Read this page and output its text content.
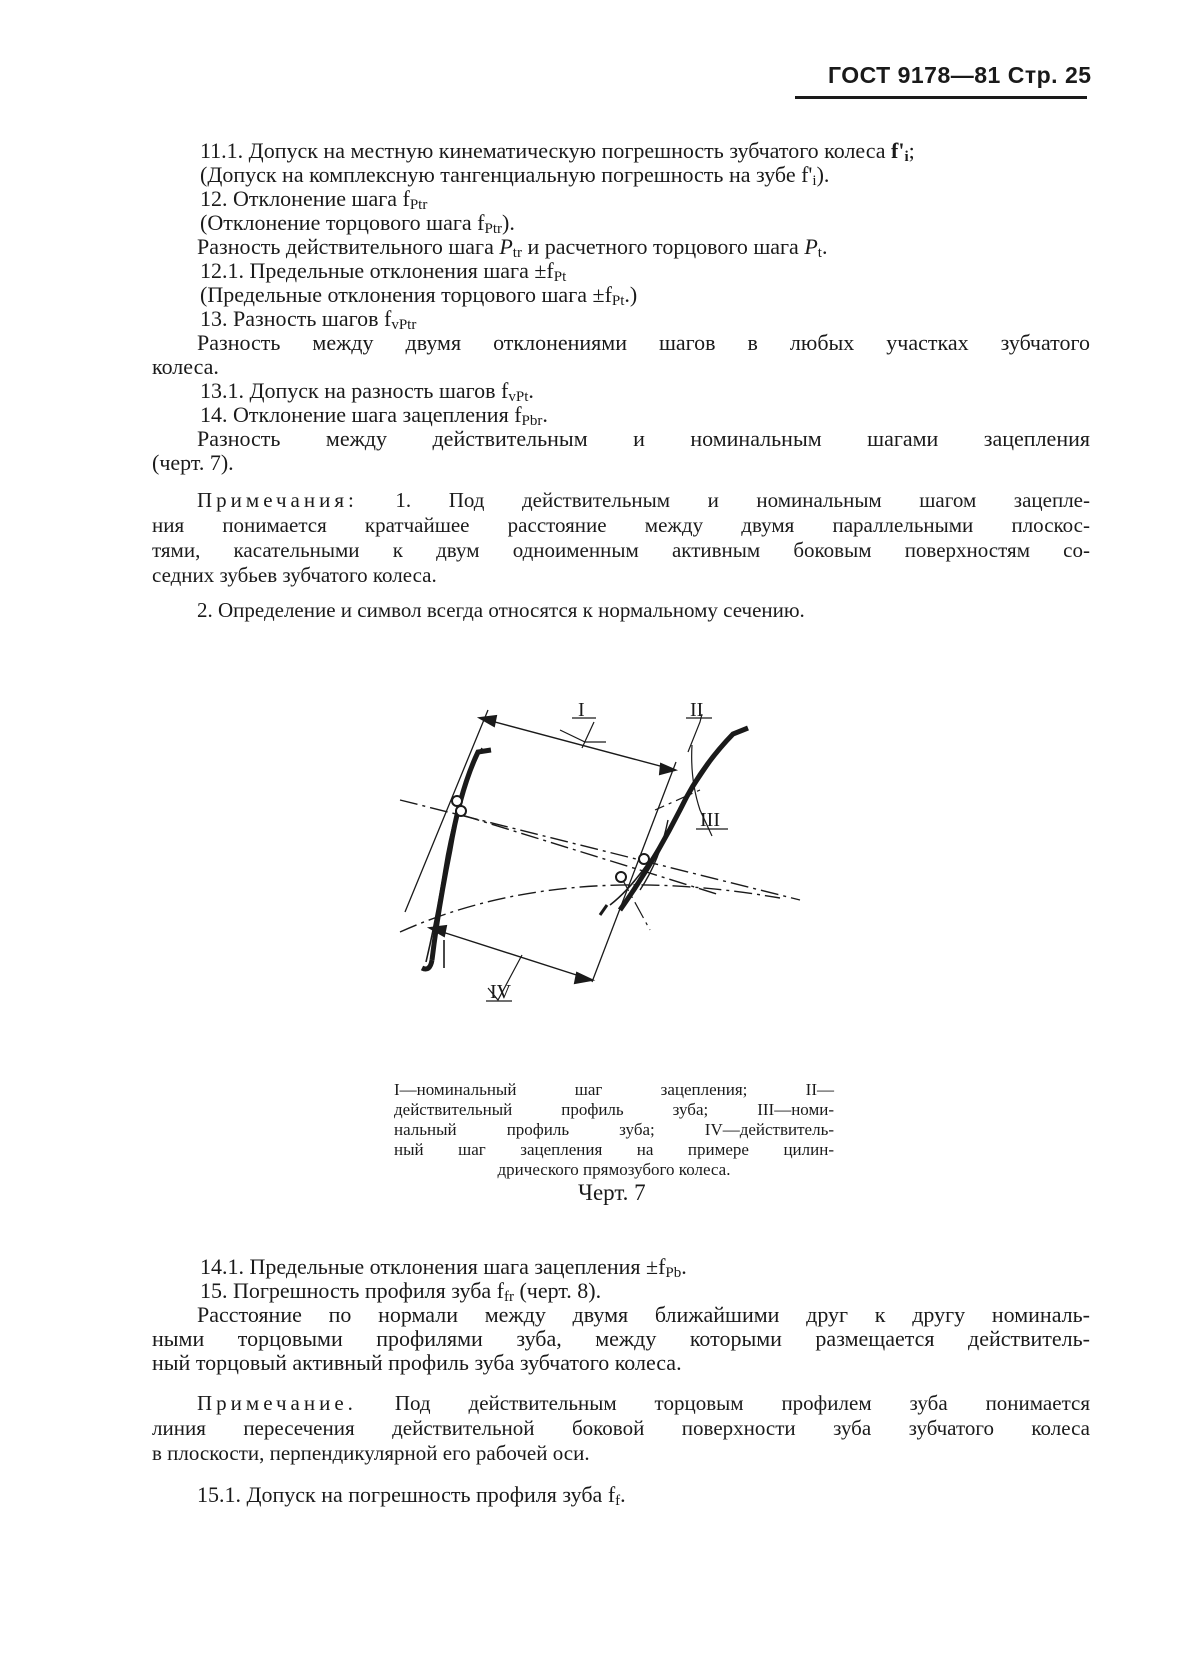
ГОСТ 9178—81 Стр. 25
11.1. Допуск на местную кинематическую погрешность зубчатого колеса $f'_i$;
(Допуск на комплексную тангенциальную погрешность на зубе $f'_i$).
12. Отклонение шага $f_{Ptr}$
(Отклонение торцового шага $f_{Ptr}$).
Разность действительного шага $P_{tr}$ и расчетного торцового шага $P_t$.
12.1. Предельные отклонения шага $\pm f_{Pt}$
(Предельные отклонения торцового шага $\pm f_{Pt}$.)
13. Разность шагов $f_{vPtr}$
Разность между двумя отклонениями шагов в любых участках зубчатого
колеса.
13.1. Допуск на разность шагов $f_{vPt}$.
14. Отклонение шага зацепления $f_{Pbr}$.
Разность между действительным и номинальным шагами зацепления
(черт. 7).
Примечания: 1. Под действительным и номинальным шагом зацепле-
ния понимается кратчайшее расстояние между двумя параллельными плоскос-
тями, касательными к двум одноименным активным боковым поверхностям со-
седних зубьев зубчатого колеса.
2. Определение и символ всегда относятся к нормальному сечению.
I	II
III
IV
I—номинальный шаг зацепления; II—
действительный профиль зуба; III—номи-
нальный профиль зуба; IV—действитель-
ный шаг зацепления на примере цилин-
дрического прямозубого колеса.
Черт. 7
14.1. Предельные отклонения шага зацепления $\pm f_{Pb}$.
15. Погрешность профиля зуба $f_{fr}$ (черт. 8).
Расстояние по нормали между двумя ближайшими друг к другу номиналь-
ными торцовыми профилями зуба, между которыми размещается действитель-
ный торцовый активный профиль зуба зубчатого колеса.
Примечание. Под действительным торцовым профилем зуба понимается
линия пересечения действительной боковой поверхности зуба зубчатого колеса
в плоскости, перпендикулярной его рабочей оси.
15.1. Допуск на погрешность профиля зуба $f_f$.
